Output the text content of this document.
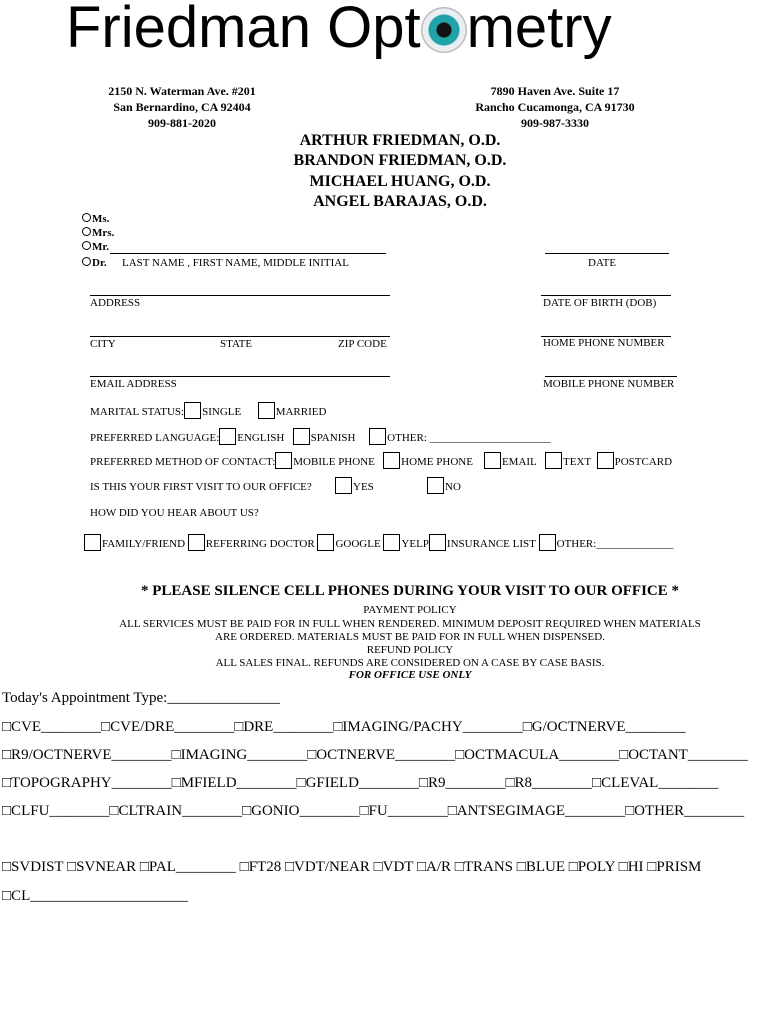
Friedman Opt metry
2150 N. Waterman Ave. #201
San Bernardino, CA 92404
909-881-2020
7890 Haven Ave. Suite 17
Rancho Cucamonga, CA 91730
909-987-3330
ARTHUR FRIEDMAN, O.D.
BRANDON FRIEDMAN, O.D.
MICHAEL HUANG, O.D.
ANGEL BARAJAS, O.D.
Ms.
Mrs.
Mr.
Dr. LAST NAME , FIRST NAME, MIDDLE INITIAL	DATE
ADDRESS	DATE OF BIRTH (DOB)
CITY	STATE	ZIP CODE	HOME PHONE NUMBER
EMAIL ADDRESS	MOBILE PHONE NUMBER
MARITAL STATUS: SINGLE	MARRIED
PREFERRED LANGUAGE: ENGLISH SPANISH	OTHER: ______________________
PREFERRED METHOD OF CONTACT: MOBILE PHONE HOME PHONE	EMAIL TEXT POSTCARD
IS THIS YOUR FIRST VISIT TO OUR OFFICE?	YES	NO
HOW DID YOU HEAR ABOUT US?
FAMILY/FRIEND REFERRING DOCTOR GOOGLE YELP INSURANCE LIST OTHER:______________
* PLEASE SILENCE CELL PHONES DURING YOUR VISIT TO OUR OFFICE *
PAYMENT POLICY
ALL SERVICES MUST BE PAID FOR IN FULL WHEN RENDERED. MINIMUM DEPOSIT REQUIRED WHEN MATERIALS
ARE ORDERED. MATERIALS MUST BE PAID FOR IN FULL WHEN DISPENSED.
REFUND POLICY
ALL SALES FINAL. REFUNDS ARE CONSIDERED ON A CASE BY CASE BASIS.
FOR OFFICE USE ONLY
Today's Appointment Type:_______________
□CVE________□CVE/DRE________□DRE________□IMAGING/PACHY________□G/OCTNERVE________
□R9/OCTNERVE________□IMAGING________□OCTNERVE________□OCTMACULA________□OCTANT________
□TOPOGRAPHY________□MFIELD________□GFIELD________□R9________□R8________□CLEVAL________
□CLFU________□CLTRAIN________□GONIO________□FU________□ANTSEGIMAGE________□OTHER________
□SVDIST □SVNEAR □PAL________ □FT28 □VDT/NEAR □VDT □A/R □TRANS □BLUE □POLY □HI □PRISM
□CL_____________________
